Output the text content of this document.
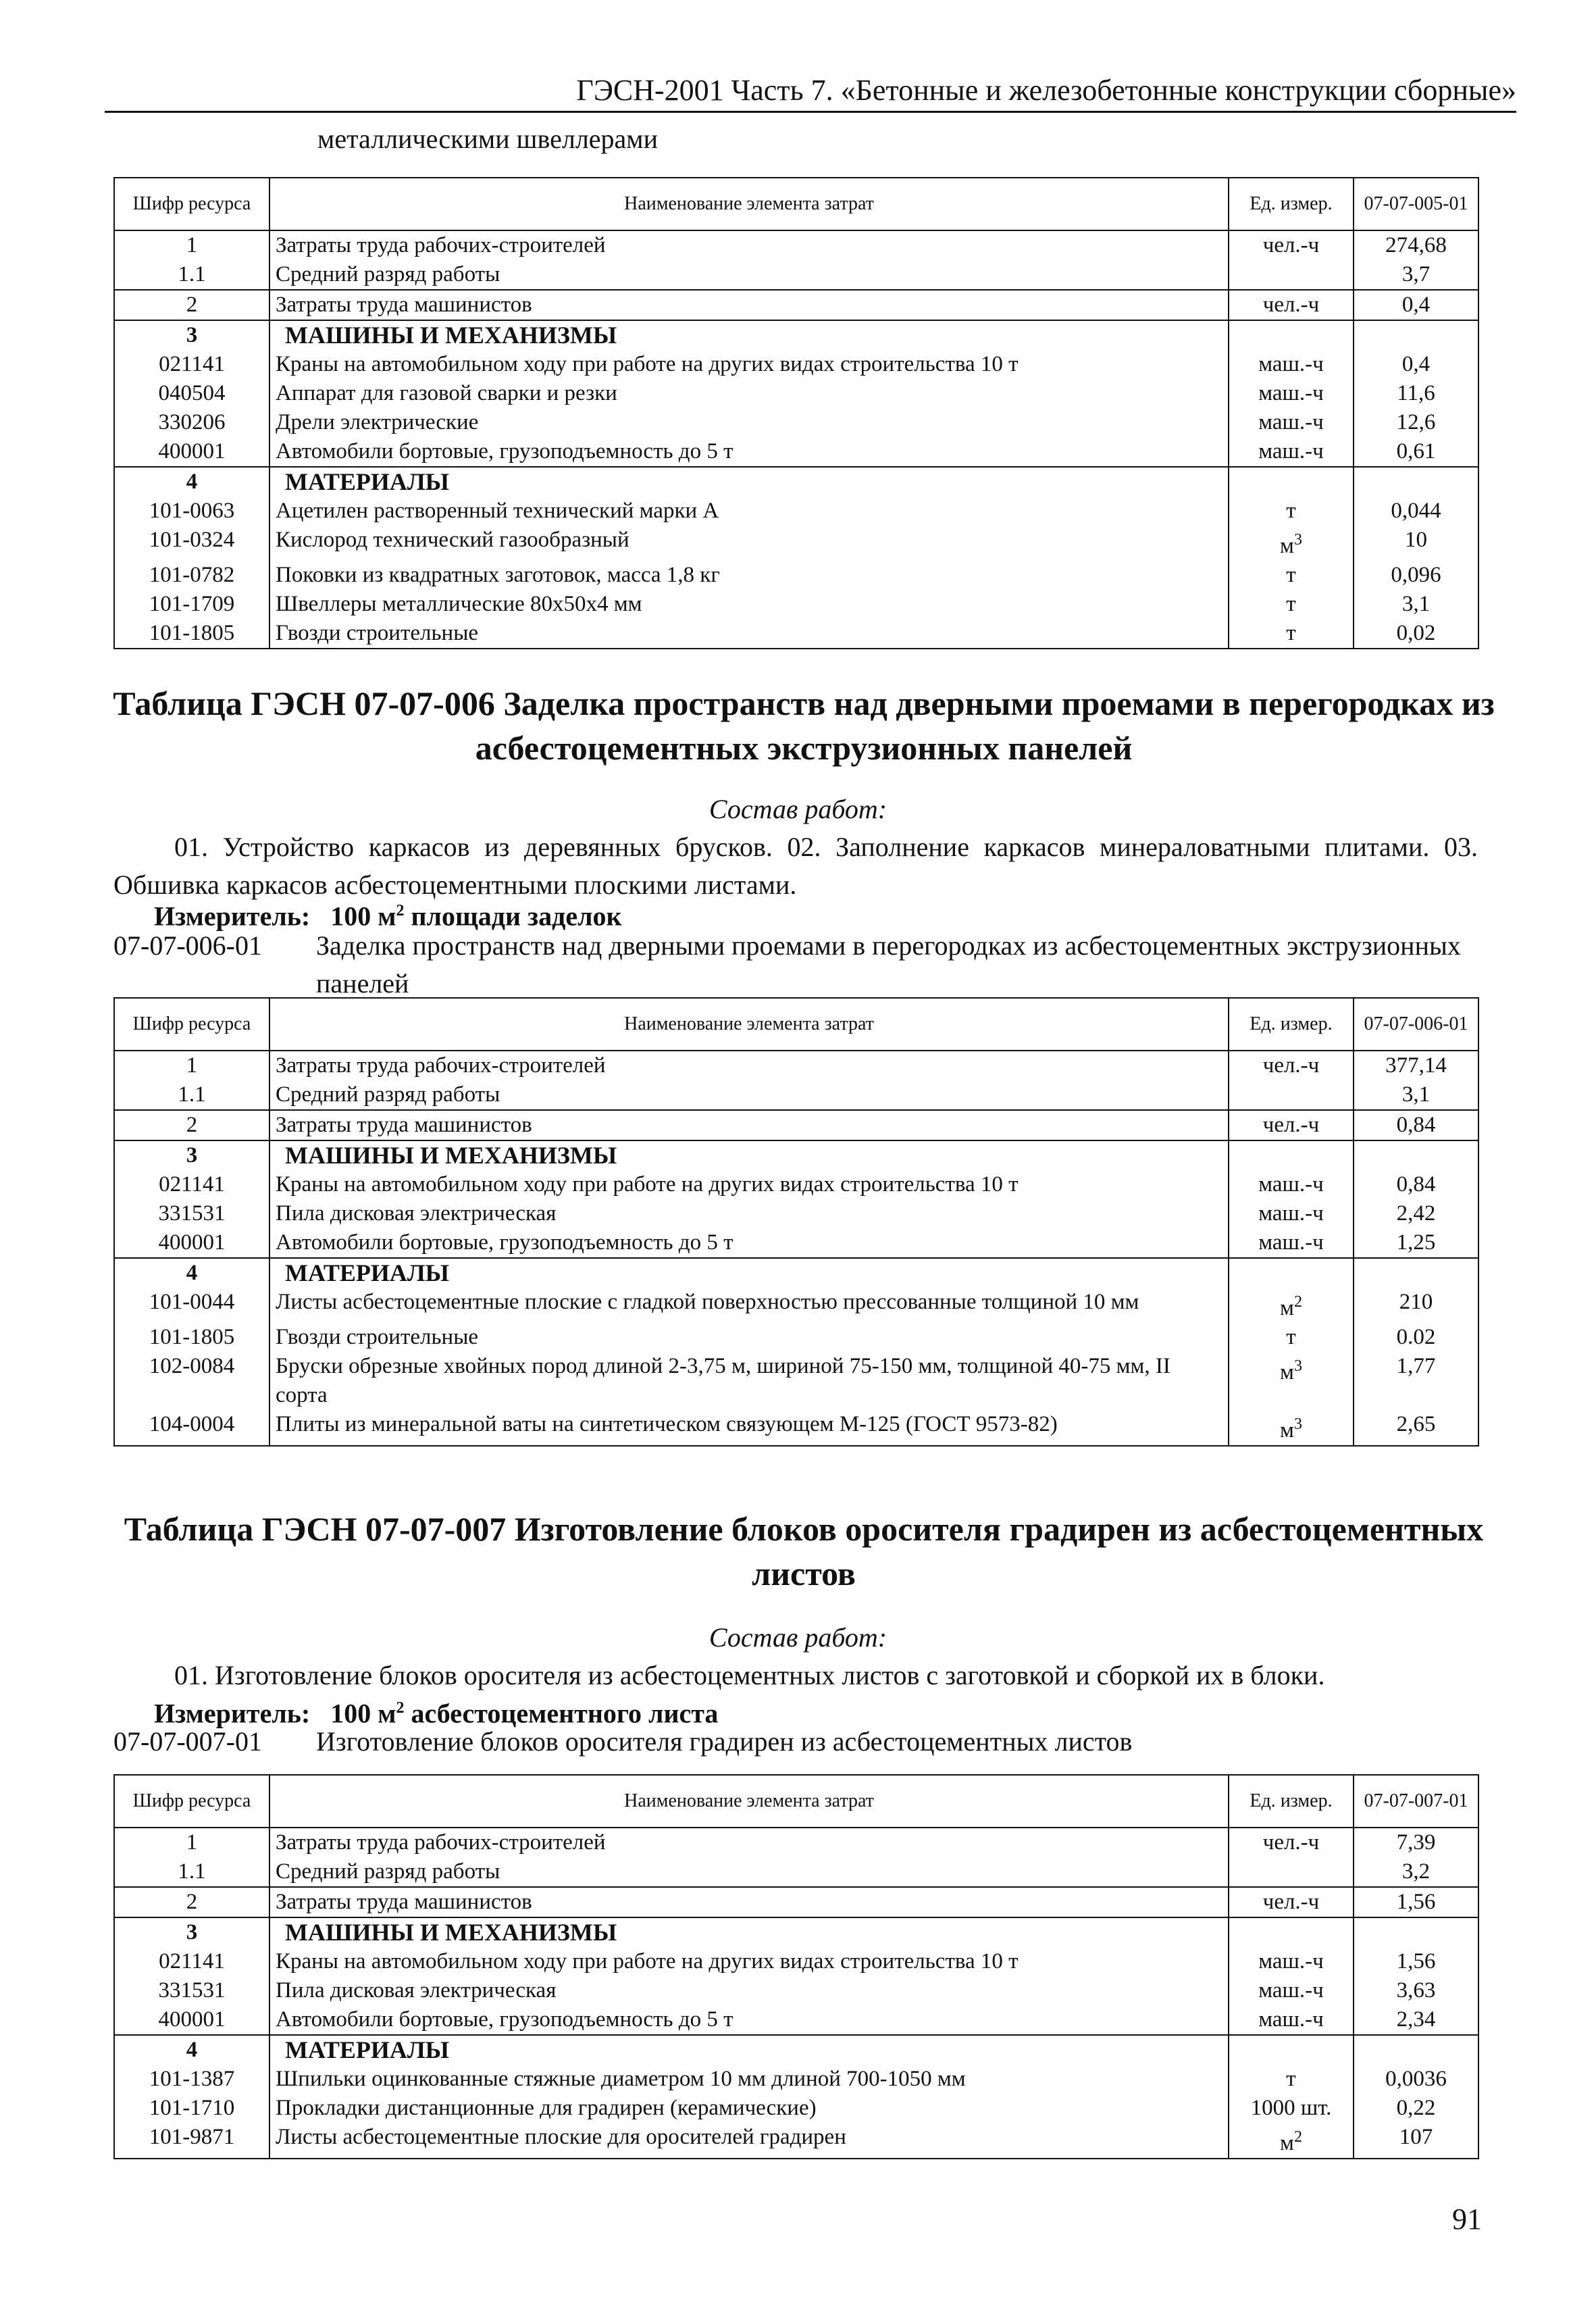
ГЭСН-2001 Часть 7. «Бетонные и железобетонные конструкции сборные»
металлическими швеллерами
Шифр ресурса	Наименование элемента затрат	Ед. измер.	07-07-005-01
1	Затраты труда рабочих-строителей	чел.-ч	274,68
1.1	Средний разряд работы		3,7
2	Затраты труда машинистов	чел.-ч	0,4
3	МАШИНЫ И МЕХАНИЗМЫ		
021141	Краны на автомобильном ходу при работе на других видах строительства 10 т	маш.-ч	0,4
040504	Аппарат для газовой сварки и резки	маш.-ч	11,6
330206	Дрели электрические	маш.-ч	12,6
400001	Автомобили бортовые, грузоподъемность до 5 т	маш.-ч	0,61
4	МАТЕРИАЛЫ		
101-0063	Ацетилен растворенный технический марки А	т	0,044
101-0324	Кислород технический газообразный	$м^3$	10
101-0782	Поковки из квадратных заготовок, масса 1,8 кг	т	0,096
101-1709	Швеллеры металлические 80x50x4 мм	т	3,1
101-1805	Гвозди строительные	т	0,02
Таблица ГЭСН 07-07-006 Заделка пространств над дверными проемами в перегородках из
асбестоцементных экструзионных панелей
Состав работ:
01. Устройство каркасов из деревянных брусков. 02. Заполнение каркасов минераловатными плитами. 03. Обшивка каркасов асбестоцементными плоскими листами.
Измеритель: 100 $м^2$ площади заделок
07-07-006-01	Заделка пространств над дверными проемами в перегородках из асбестоцементных экструзионных панелей
Шифр ресурса	Наименование элемента затрат	Ед. измер.	07-07-006-01
1	Затраты труда рабочих-строителей	чел.-ч	377,14
1.1	Средний разряд работы		3,1
2	Затраты труда машинистов	чел.-ч	0,84
3	МАШИНЫ И МЕХАНИЗМЫ		
021141	Краны на автомобильном ходу при работе на других видах строительства 10 т	маш.-ч	0,84
331531	Пила дисковая электрическая	маш.-ч	2,42
400001	Автомобили бортовые, грузоподъемность до 5 т	маш.-ч	1,25
4	МАТЕРИАЛЫ		
101-0044	Листы асбестоцементные плоские с гладкой поверхностью прессованные толщиной 10 мм	$м^2$	210
101-1805	Гвозди строительные	т	0.02
102-0084	Бруски обрезные хвойных пород длиной 2-3,75 м, шириной 75-150 мм, толщиной 40-75 мм, II сорта	$м^3$	1,77
104-0004	Плиты из минеральной ваты на синтетическом связующем М-125 (ГОСТ 9573-82)	$м^3$	2,65
Таблица ГЭСН 07-07-007 Изготовление блоков оросителя градирен из асбестоцементных
листов
Состав работ:
01. Изготовление блоков оросителя из асбестоцементных листов с заготовкой и сборкой их в блоки.
Измеритель: 100 $м^2$ асбестоцементного листа
07-07-007-01	Изготовление блоков оросителя градирен из асбестоцементных листов
Шифр ресурса	Наименование элемента затрат	Ед. измер.	07-07-007-01
1	Затраты труда рабочих-строителей	чел.-ч	7,39
1.1	Средний разряд работы		3,2
2	Затраты труда машинистов	чел.-ч	1,56
3	МАШИНЫ И МЕХАНИЗМЫ		
021141	Краны на автомобильном ходу при работе на других видах строительства 10 т	маш.-ч	1,56
331531	Пила дисковая электрическая	маш.-ч	3,63
400001	Автомобили бортовые, грузоподъемность до 5 т	маш.-ч	2,34
4	МАТЕРИАЛЫ		
101-1387	Шпильки оцинкованные стяжные диаметром 10 мм длиной 700-1050 мм	т	0,0036
101-1710	Прокладки дистанционные для градирен (керамические)	1000 шт.	0,22
101-9871	Листы асбестоцементные плоские для оросителей градирен	$м^2$	107
91
